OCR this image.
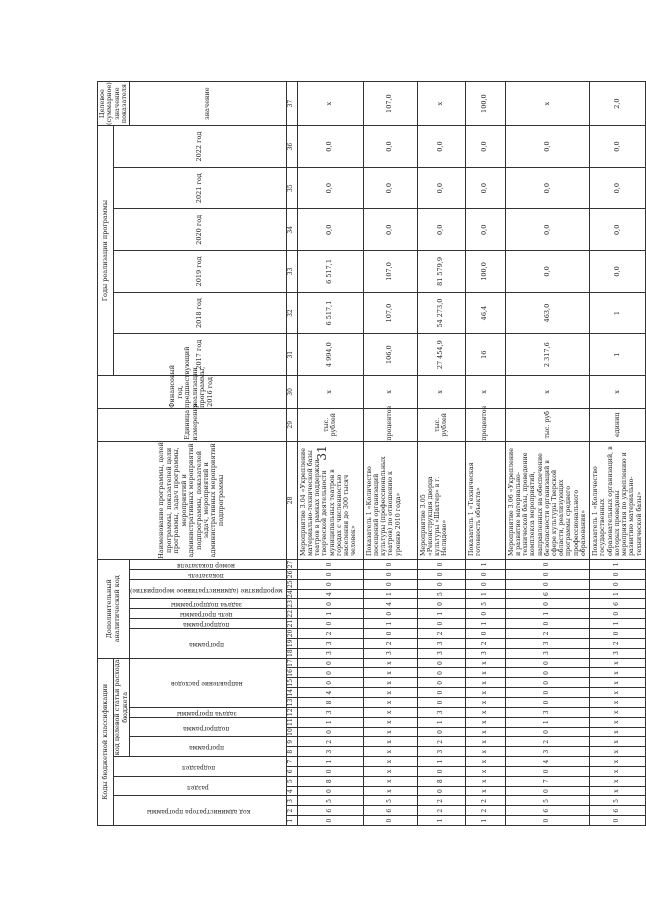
31
Коды бюджетной классификации																	Дополнительный аналитический код										Наименование программы, целей программы, показателей цели программы, задач программы, мероприятий и административных мероприятий подпрограммы, показателей задач, мероприятий и административных мероприятий подпрограммы	Единица измерения	Финансовый год, предшествующий реализации программы, 2016 год	Годы реализации программы						Целевое (суммарное) значение показателя
код администратора программы			раздел		подраздел		код целевой статьи расхода бюджета																							2017 год	2018 год	2019 год	2020 год	2021 год	2022 год	
							программа		подпрограмма		задача программы	направление расходов					программа			подпрограмма	цель программы	задача подпрограммы	мероприятие (административное мероприятие)		показатель	номер показателя										значение
1	2	3	4	5	6	7	8	9	10	11	12	13	14	15	16	17	18	19	20	21	22	23	24	25	26	27	28	29	30	31	32	33	34	35	36	37
0	6	5	0	8	0	1	3	2	0	1	3	8	4	0	0	0	3	3	2	0	1	0	4	0	0	0	Мероприятие 3.04 «Укрепление материально-технической базы театров в рамках поддержки творческой деятельности муниципальных театров в городах с численностью населения до 300 тысяч человек»	тыс. рублей	х	4 994,0	6 517,1	6 517,1	0,0	0,0	0,0	х
0	6	5	х	х	х	х	х	х	х	х	х	х	х	х	х	х	3	2	0	1	0	4	1	0	0	0	Показатель 1 «Количество посещений организаций культуры (профессиональных театров) по отношению к уровню 2010 года»	процентов	х	106,0	107,0	107,0	0,0	0,0	0,0	107,0
1	2	2	0	8	0	1	3	2	0	1	3	0	0	0	0	0	3	3	2	0	1	0	5	0	0	0	Мероприятие 3.05 «Реконструкция дворца культуры «Шахтер» в г. Нелидово»	тыс. рублей	х	27 454,9	54 273,0	81 579,9	0,0	0,0	0,0	х
1	2	2	х	х	х	х	х	х	х	х	х	х	х	х	х	х	3	2	0	1	0	5	1	0	0	1	Показатель 1 «Техническая готовность объекта»	процентов	х	16	46,4	100,0	0,0	0,0	0,0	100,0
0	6	5	0	7	0	4	3	2	0	1	3	0	0	0	0	0	3	3	2	0	1	0	6	0	0	0	Мероприятие 3.06 «Укрепление и развитие материально-технической базы, проведение комплекса мероприятий, направленных на обеспечение безопасности организаций в сфере культуры Тверской области, реализующих программы среднего профессионального образования»	тыс. руб	х	2 317,6	463,0	0,0	0,0	0,0	0,0	х
0	6	5	х	х	х	х	х	х	х	х	х	х	х	х	х	х	3	2	0	1	0	6	1	0	0	1	Показатель 1 «Количество государственных образовательных организаций, в которых проведены мероприятия по укреплению и развитию материально-технической базы»	единиц	х	1	1	0,0	0,0	0,0	0,0	2,0
